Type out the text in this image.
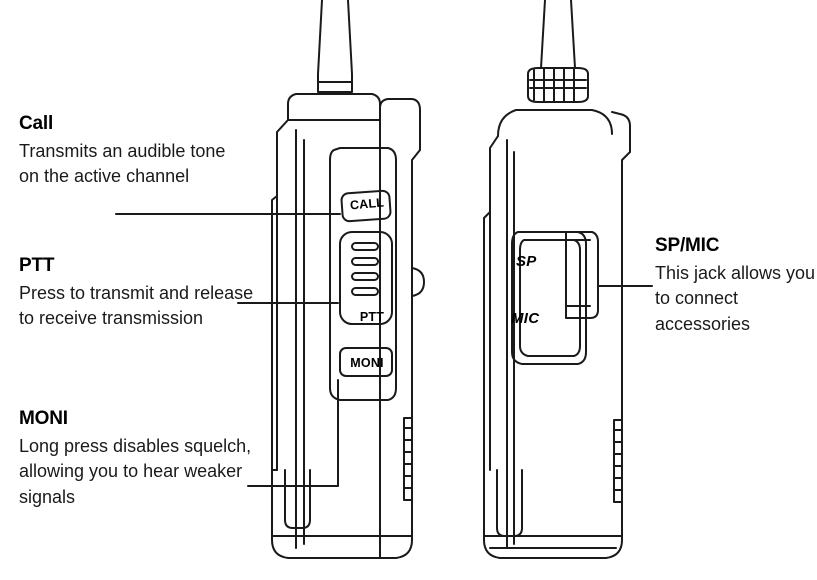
CALL
PTT
MONI
SP
MIC

Call

Transmits an audible tone on the active channel

PTT

Press to transmit and release to receive transmission

MONI

Long press disables squelch, allowing you to hear weaker signals

SP/MIC

This jack allows you to connect accessories
